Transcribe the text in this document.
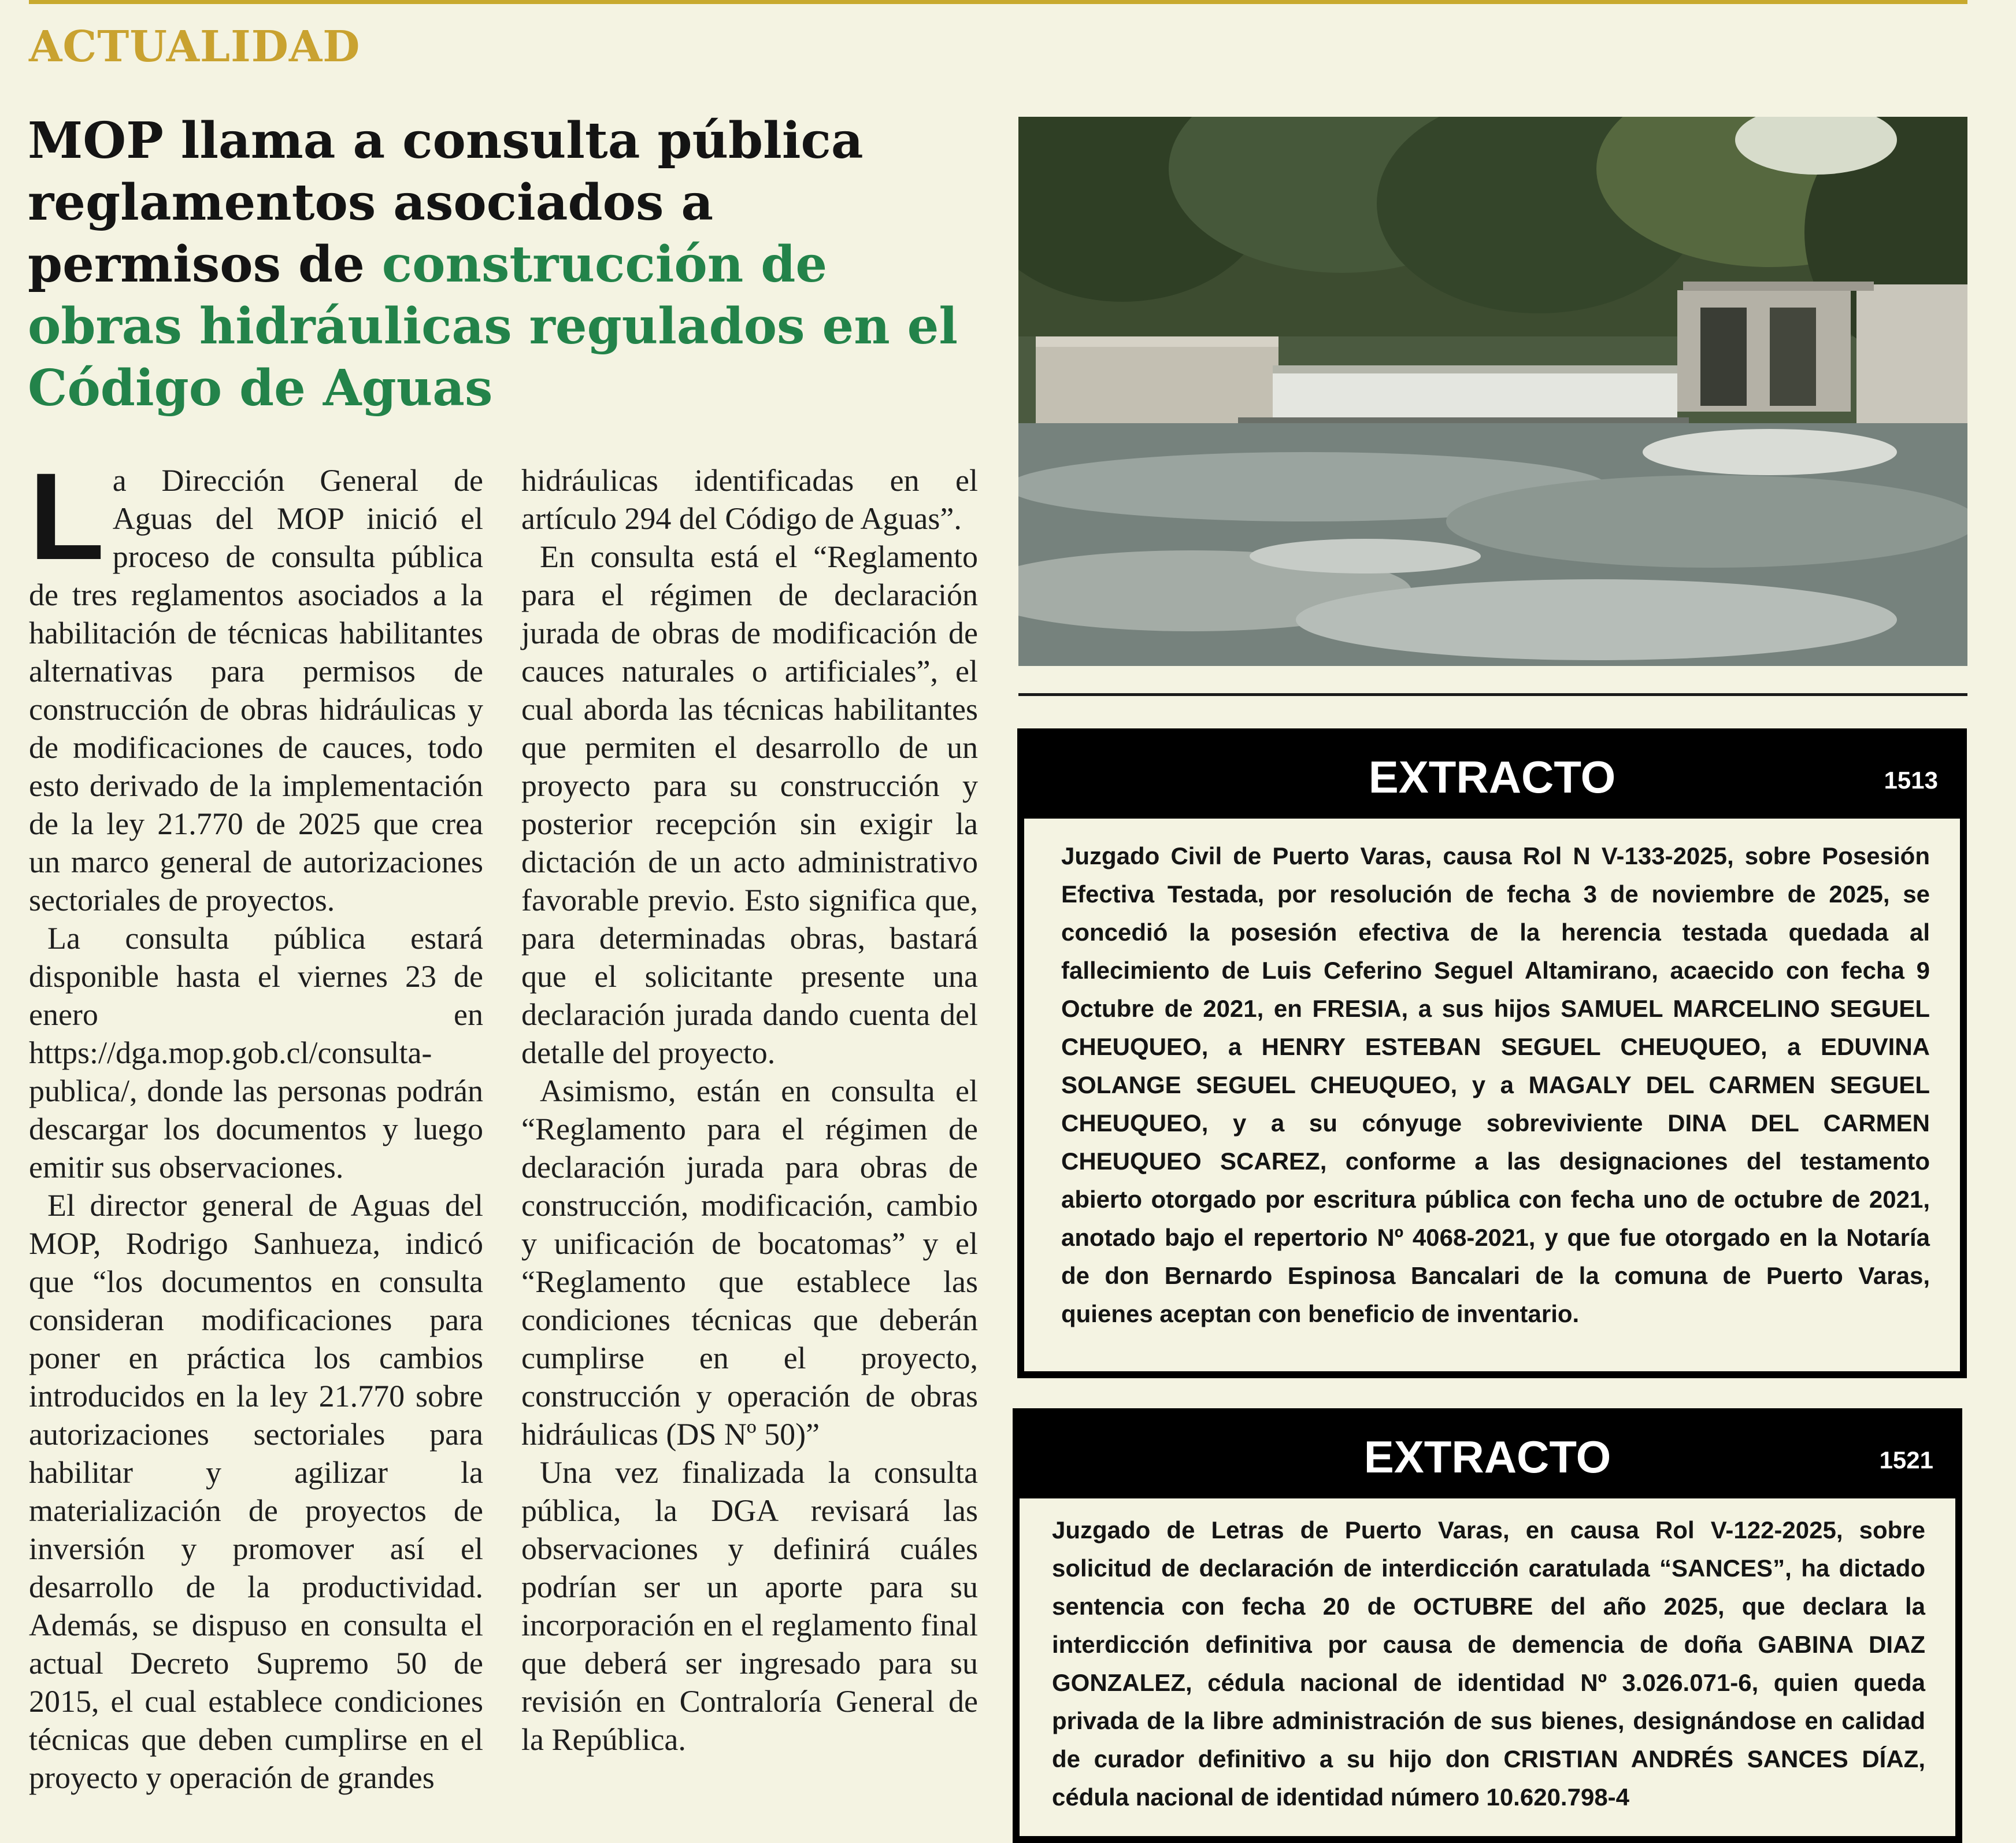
ACTUALIDAD
MOP llama a consulta pública reglamentos asociados a permisos de construcción de obras hidráulicas regulados en el Código de Aguas

La Dirección General de Aguas del MOP inició el proceso de consulta pública de tres reglamentos asociados a la habilitación de técnicas habilitantes alternativas para permisos de construcción de obras hidráulicas y de modificaciones de cauces, todo esto derivado de la implementación de la ley 21.770 de 2025 que crea un marco general de autorizaciones sectoriales de proyectos.

La consulta pública estará disponible hasta el viernes 23 de enero en https://dga.mop.gob.cl/consulta-publica/, donde las personas podrán descargar los documentos y luego emitir sus observaciones.

El director general de Aguas del MOP, Rodrigo Sanhueza, indicó que “los documentos en consulta consideran modificaciones para poner en práctica los cambios introducidos en la ley 21.770 sobre autorizaciones sectoriales para habilitar y agilizar la materialización de proyectos de inversión y promover así el desarrollo de la productividad. Además, se dispuso en consulta el actual Decreto Supremo 50 de 2015, el cual establece condiciones técnicas que deben cumplirse en el proyecto y operación de grandes

hidráulicas identificadas en el artículo 294 del Código de Aguas”.

En consulta está el “Reglamento para el régimen de declaración jurada de obras de modificación de cauces naturales o artificiales”, el cual aborda las técnicas habilitantes que permiten el desarrollo de un proyecto para su construcción y posterior recepción sin exigir la dictación de un acto administrativo favorable previo. Esto significa que, para determinadas obras, bastará que el solicitante presente una declaración jurada dando cuenta del detalle del proyecto.

Asimismo, están en consulta el “Reglamento para el régimen de declaración jurada para obras de construcción, modificación, cambio y unificación de bocatomas” y el “Reglamento que establece las condiciones técnicas que deberán cumplirse en el proyecto, construcción y operación de obras hidráulicas (DS Nº 50)”

Una vez finalizada la consulta pública, la DGA revisará las observaciones y definirá cuáles podrían ser un aporte para su incorporación en el reglamento final que deberá ser ingresado para su revisión en Contraloría General de la República.

EXTRACTO	1513
Juzgado Civil de Puerto Varas, causa Rol N V-133-2025, sobre Posesión Efectiva Testada, por resolución de fecha 3 de noviembre de 2025, se concedió la posesión efectiva de la herencia testada quedada al fallecimiento de Luis Ceferino Seguel Altamirano, acaecido con fecha 9 Octubre de 2021, en FRESIA, a sus hijos SAMUEL MARCELINO SEGUEL CHEUQUEO, a HENRY ESTEBAN SEGUEL CHEUQUEO, a EDUVINA SOLANGE SEGUEL CHEUQUEO, y a MAGALY DEL CARMEN SEGUEL CHEUQUEO, y a su cónyuge sobreviviente DINA DEL CARMEN CHEUQUEO SCAREZ, conforme a las designaciones del testamento abierto otorgado por escritura pública con fecha uno de octubre de 2021, anotado bajo el repertorio Nº 4068-2021, y que fue otorgado en la Notaría de don Bernardo Espinosa Bancalari de la comuna de Puerto Varas, quienes aceptan con beneficio de inventario.
EXTRACTO	1521
Juzgado de Letras de Puerto Varas, en causa Rol V-122-2025, sobre solicitud de declaración de interdicción caratulada “SANCES”, ha dictado sentencia con fecha 20 de OCTUBRE del año 2025, que declara la interdicción definitiva por causa de demencia de doña GABINA DIAZ GONZALEZ, cédula nacional de identidad Nº 3.026.071-6, quien queda privada de la libre administración de sus bienes, designándose en calidad de curador definitivo a su hijo don CRISTIAN ANDRÉS SANCES DÍAZ, cédula nacional de identidad número 10.620.798-4
